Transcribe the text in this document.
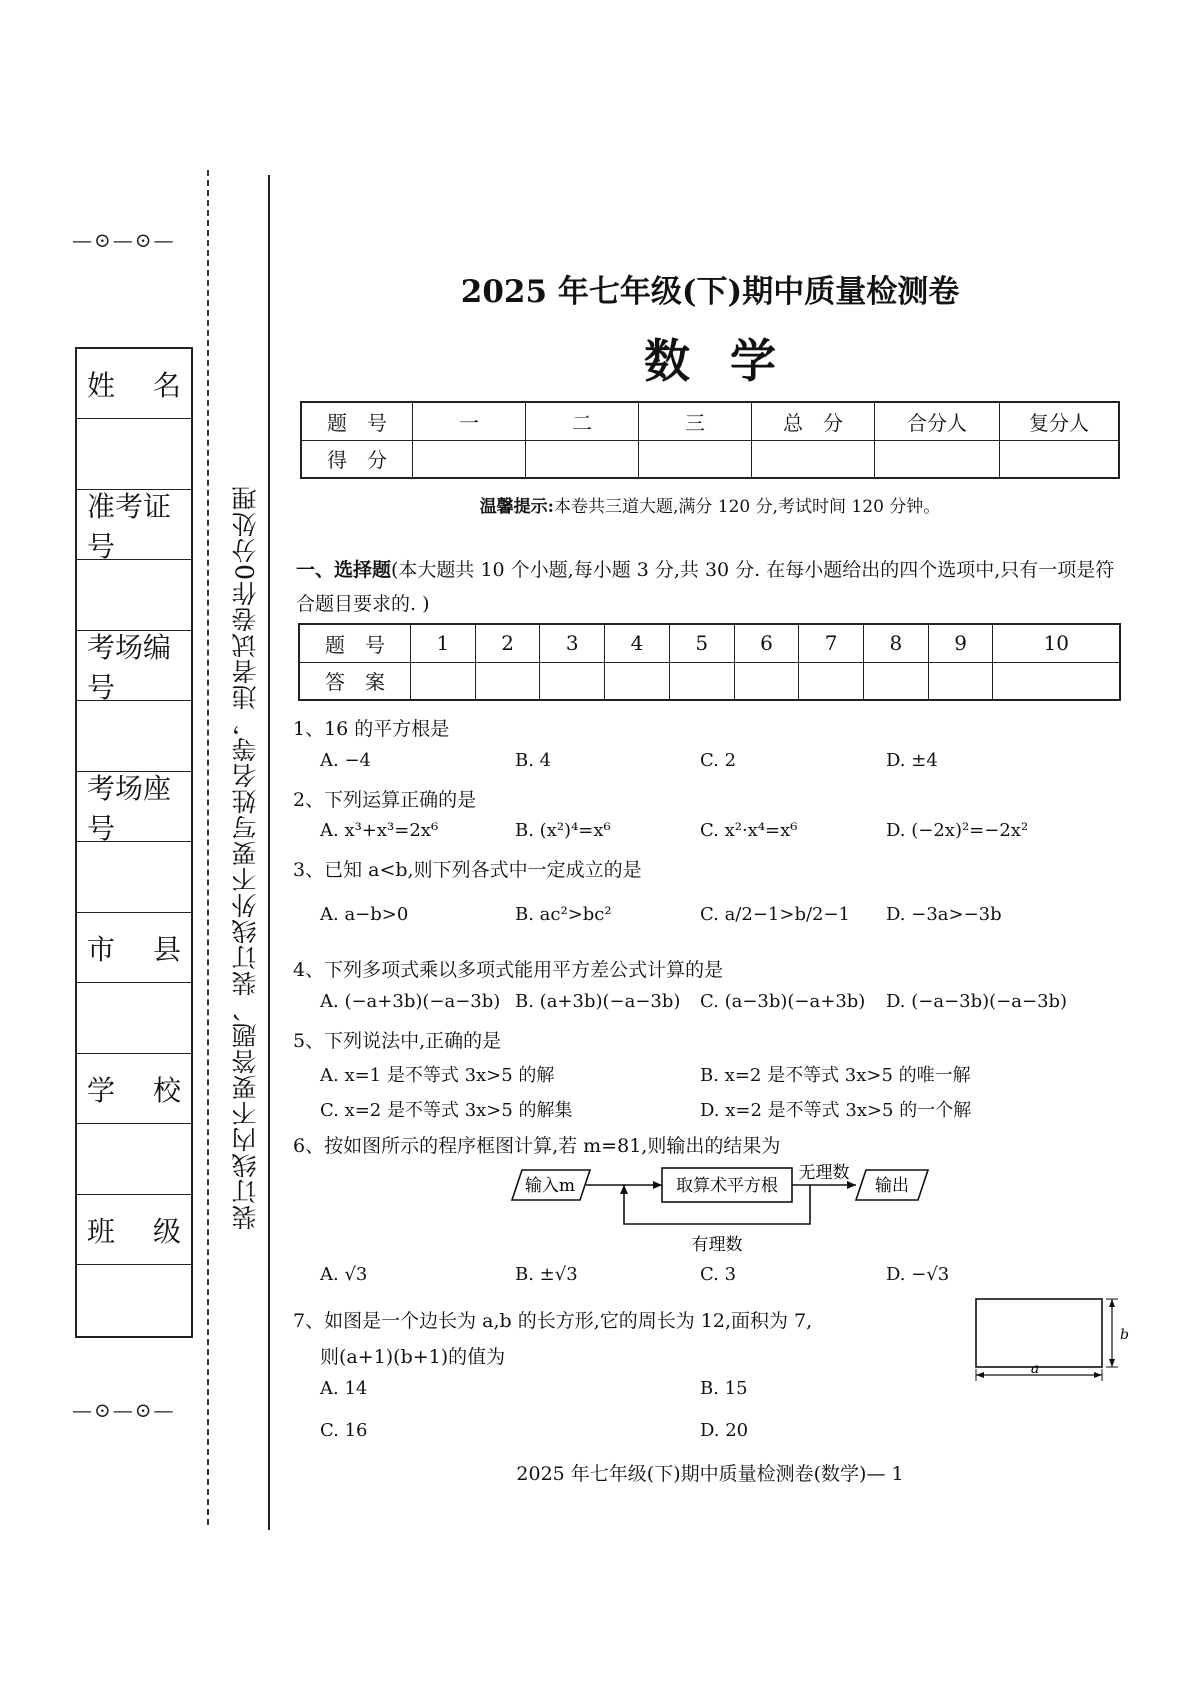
—⊙—⊙—
姓 名
准考证号
考场编号
考场座号
市 县
学 校
班 级
—⊙—⊙—
装订线内不要答题、装订线外不要写姓名等，违者试卷作0分处理
2025 年七年级(下)期中质量检测卷
数学
题　号	一	二	三	总　分	合分人	复分人
得　分						
温馨提示:本卷共三道大题,满分 120 分,考试时间 120 分钟。
一、选择题(本大题共 10 个小题,每小题 3 分,共 30 分. 在每小题给出的四个选项中,只有一项是符合题目要求的. )
题　号	1	2	3	4	5	6	7	8	9	10
答　案										
1、16 的平方根是
A. −4	B. 4	C. 2	D. ±4
2、下列运算正确的是
A. x³+x³=2x⁶	B. (x²)⁴=x⁶	C. x²·x⁴=x⁶	D. (−2x)²=−2x²
3、已知 a<b,则下列各式中一定成立的是
A. a−b>0	B. ac²>bc²	C. a/2−1>b/2−1 D. −3a>−3b
4、下列多项式乘以多项式能用平方差公式计算的是
A. (−a+3b)(−a−3b) B. (a+3b)(−a−3b) C. (a−3b)(−a+3b) D. (−a−3b)(−a−3b)
5、下列说法中,正确的是
A. x=1 是不等式 3x>5 的解	B. x=2 是不等式 3x>5 的唯一解
C. x=2 是不等式 3x>5 的解集	D. x=2 是不等式 3x>5 的一个解
6、按如图所示的程序框图计算,若 m=81,则输出的结果为
输入m	取算术平方根
无理数
输出
有理数
A. √3	B. ±√3	C. 3	D. −√3
7、如图是一个边长为 a,b 的长方形,它的周长为 12,面积为 7,
则(a+1)(b+1)的值为
A. 14	B. 15
C. 16	D. 20
b
a
2025 年七年级(下)期中质量检测卷(数学)— 1
